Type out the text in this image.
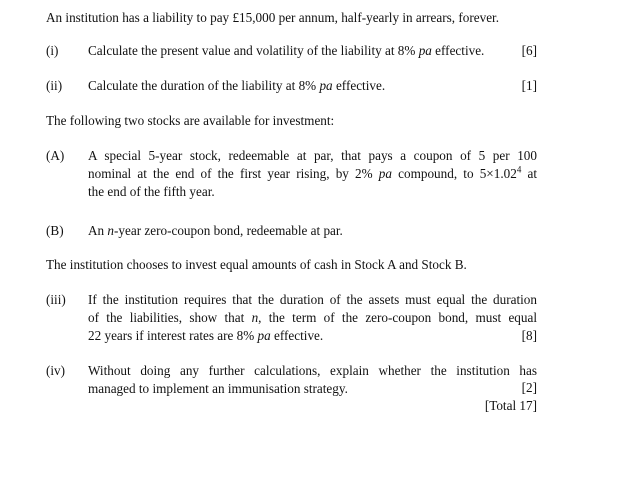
An institution has a liability to pay £15,000 per annum, half-yearly in arrears, forever.
(i) Calculate the present value and volatility of the liability at 8% pa effective.	[6]
(ii) Calculate the duration of the liability at 8% pa effective.	[1]
The following two stocks are available for investment:
(A) A special 5-year stock, redeemable at par, that pays a coupon of 5 per 100
nominal at the end of the first year rising, by 2% pa compound, to $5\times 1.02^4$ at
the end of the fifth year.
(B) An n-year zero-coupon bond, redeemable at par.
The institution chooses to invest equal amounts of cash in Stock A and Stock B.
(iii) If the institution requires that the duration of the assets must equal the duration
of the liabilities, show that n, the term of the zero-coupon bond, must equal
22 years if interest rates are 8% pa effective.	[8]
(iv) Without doing any further calculations, explain whether the institution has
managed to implement an immunisation strategy.	[2]
[Total 17]
